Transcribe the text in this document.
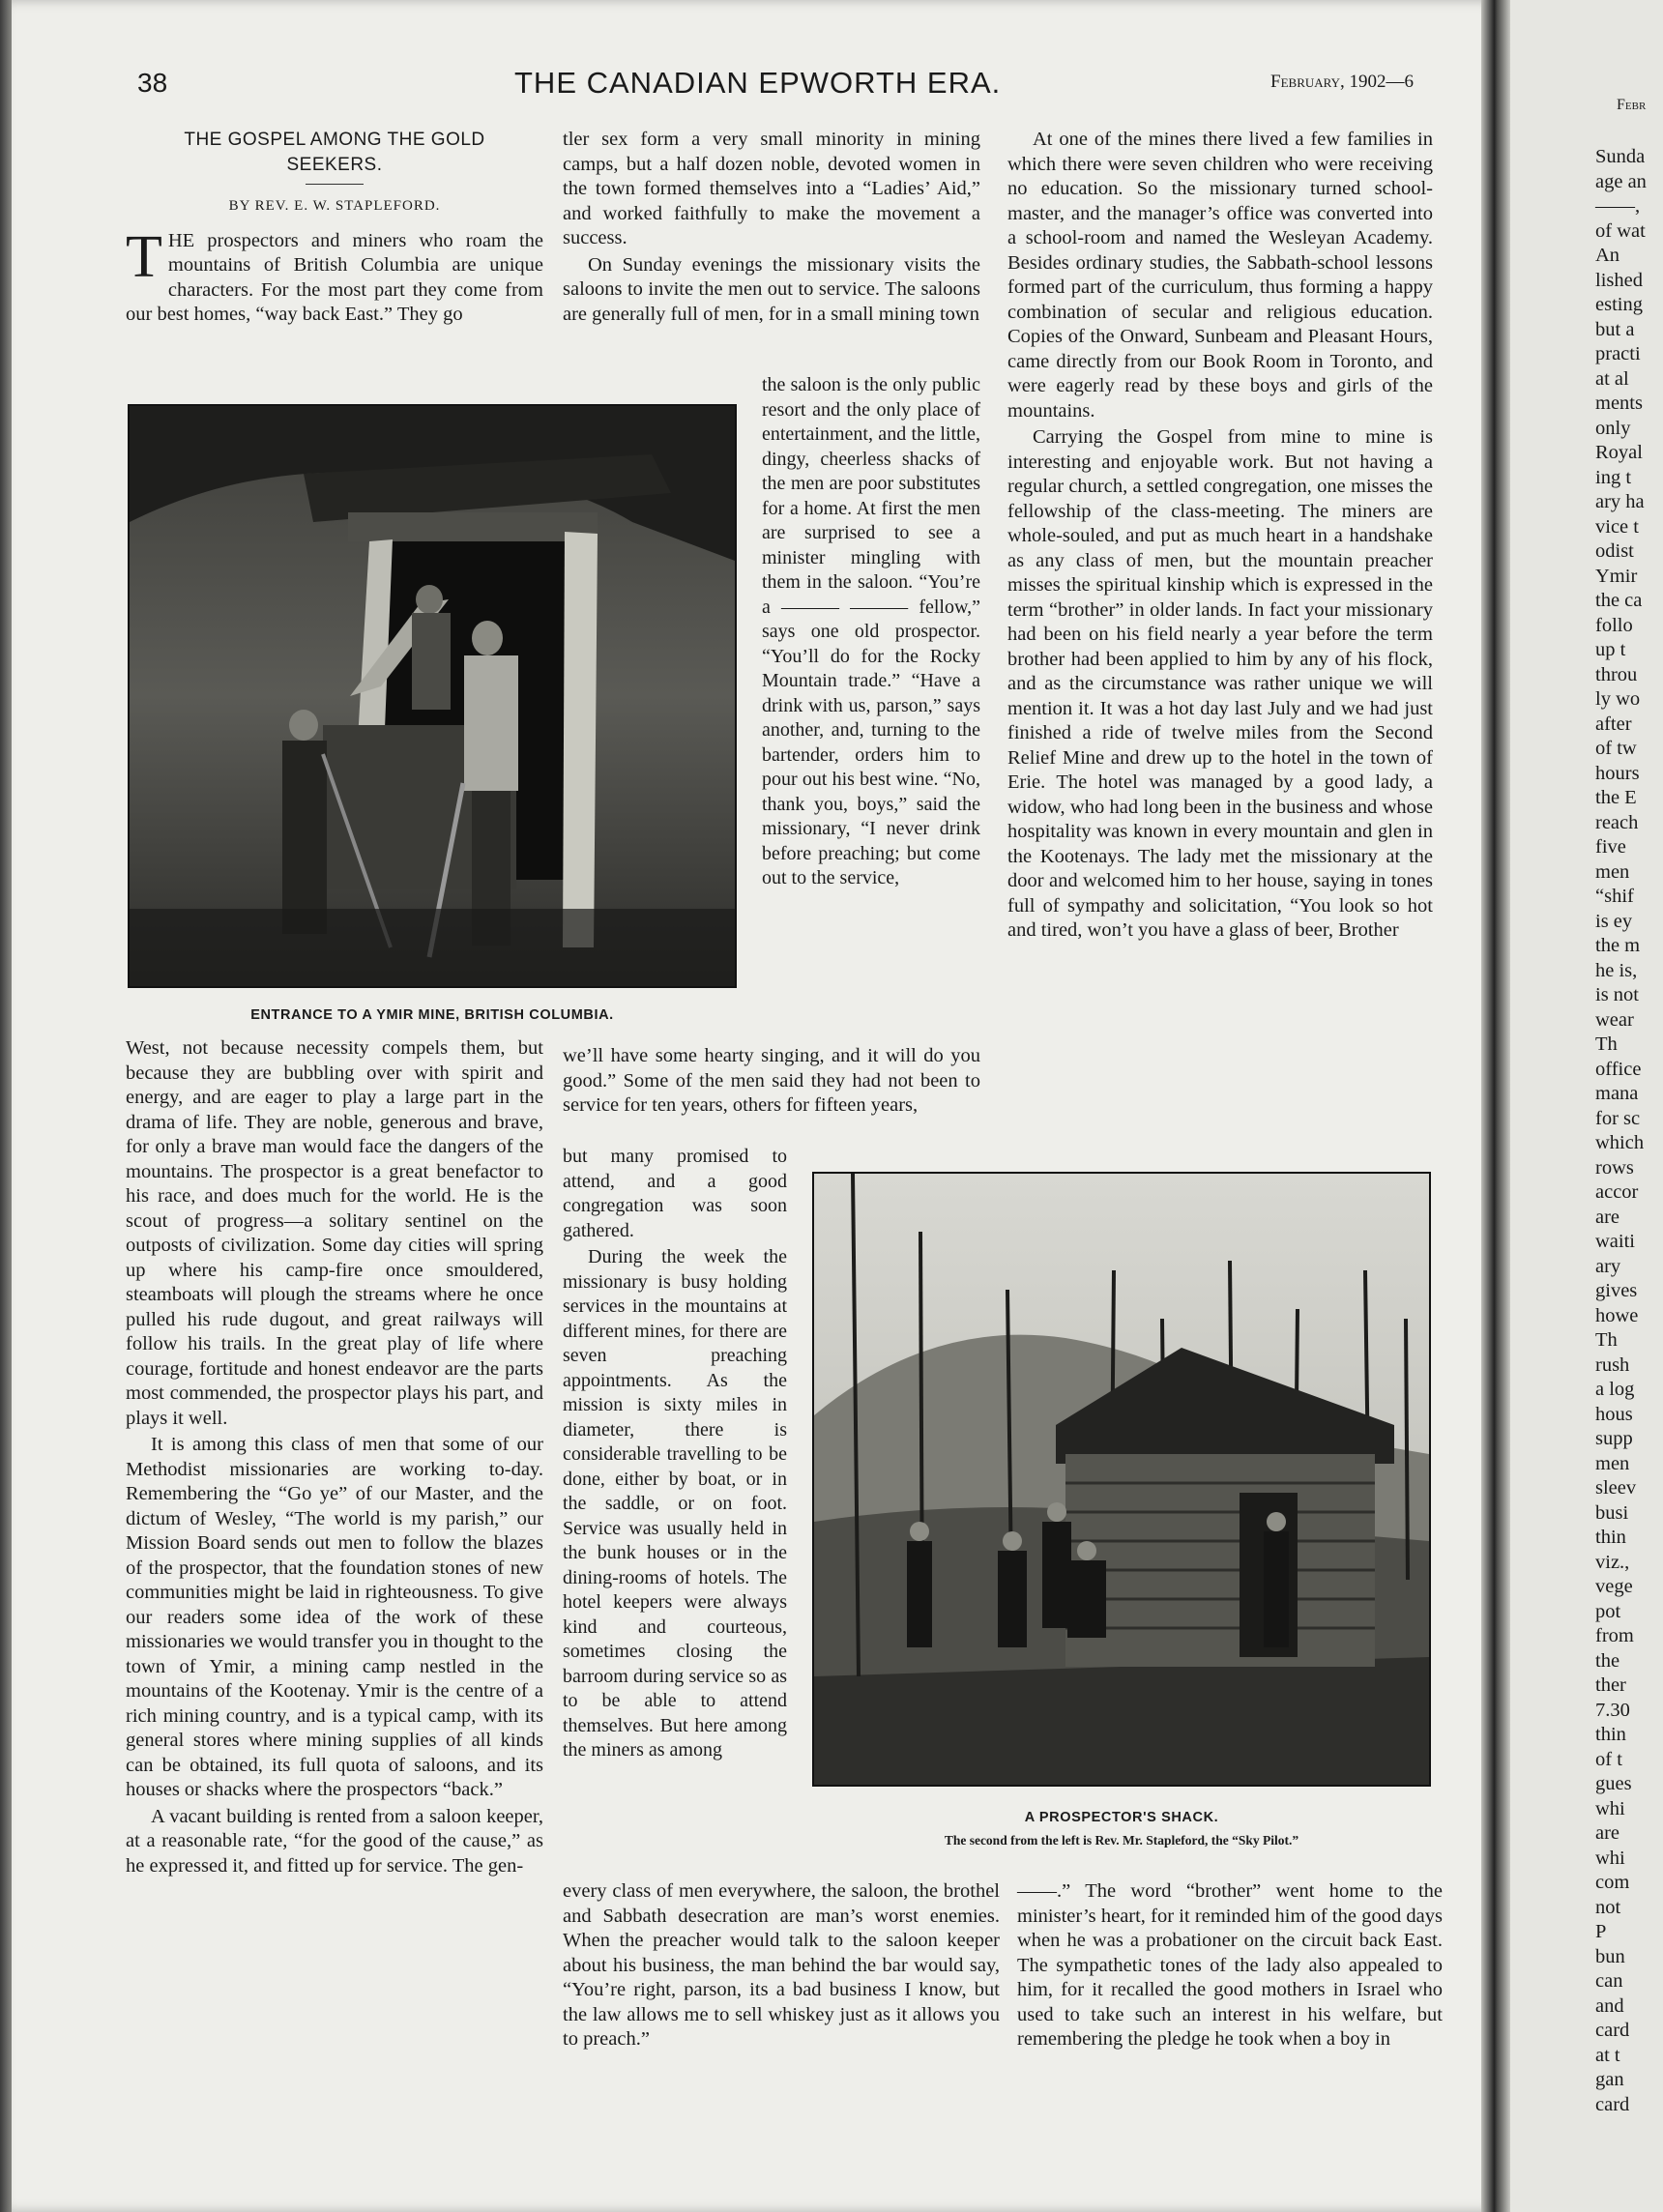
38	THE CANADIAN EPWORTH ERA.	February, 1902—6
THE GOSPEL AMONG THE GOLD
SEEKERS.
BY REV. E. W. STAPLEFORD.

THE prospectors and miners who roam the mountains of British Columbia are unique characters. For the most part they come from our best homes, “way back East.” They go

tler sex form a very small minority in mining camps, but a half dozen noble, devoted women in the town formed themselves into a “Ladies’ Aid,” and worked faithfully to make the movement a success.

On Sunday evenings the missionary visits the saloons to invite the men out to service. The saloons are generally full of men, for in a small mining town

the saloon is the only public resort and the only place of entertainment, and the little, dingy, cheerless shacks of the men are poor substitutes for a home. At first the men are surprised to see a minister mingling with them in the saloon. “You’re a ——— ——— fellow,” says one old prospector. “You’ll do for the Rocky Mountain trade.” “Have a drink with us, parson,” says another, and, turning to the bartender, orders him to pour out his best wine. “No, thank you, boys,” said the missionary, “I never drink before preaching; but come out to the service,

At one of the mines there lived a few families in which there were seven children who were receiving no education. So the missionary turned school-master, and the manager’s office was converted into a school-room and named the Wesleyan Academy. Besides ordinary studies, the Sabbath-school lessons formed part of the curriculum, thus forming a happy combination of secular and religious education. Copies of the Onward, Sunbeam and Pleasant Hours, came directly from our Book Room in Toronto, and were eagerly read by these boys and girls of the mountains.

Carrying the Gospel from mine to mine is interesting and enjoyable work. But not having a regular church, a settled congregation, one misses the fellowship of the class-meeting. The miners are whole-souled, and put as much heart in a handshake as any class of men, but the mountain preacher misses the spiritual kinship which is expressed in the term “brother” in older lands. In fact your missionary had been on his field nearly a year before the term brother had been applied to him by any of his flock, and as the circumstance was rather unique we will mention it. It was a hot day last July and we had just finished a ride of twelve miles from the Second Relief Mine and drew up to the hotel in the town of Erie. The hotel was managed by a good lady, a widow, who had long been in the business and whose hospitality was known in every mountain and glen in the Kootenays. The lady met the missionary at the door and welcomed him to her house, saying in tones full of sympathy and solicitation, “You look so hot and tired, won’t you have a glass of beer, Brother

ENTRANCE TO A YMIR MINE, BRITISH COLUMBIA.

West, not because necessity compels them, but because they are bubbling over with spirit and energy, and are eager to play a large part in the drama of life. They are noble, generous and brave, for only a brave man would face the dangers of the mountains. The prospector is a great benefactor to his race, and does much for the world. He is the scout of progress—a solitary sentinel on the outposts of civilization. Some day cities will spring up where his camp-fire once smouldered, steamboats will plough the streams where he once pulled his rude dugout, and great railways will follow his trails. In the great play of life where courage, fortitude and honest endeavor are the parts most commended, the prospector plays his part, and plays it well.

It is among this class of men that some of our Methodist missionaries are working to-day. Remembering the “Go ye” of our Master, and the dictum of Wesley, “The world is my parish,” our Mission Board sends out men to follow the blazes of the prospector, that the foundation stones of new communities might be laid in righteousness. To give our readers some idea of the work of these missionaries we would transfer you in thought to the town of Ymir, a mining camp nestled in the mountains of the Kootenay. Ymir is the centre of a rich mining country, and is a typical camp, with its general stores where mining supplies of all kinds can be obtained, its full quota of saloons, and its houses or shacks where the prospectors “back.”

A vacant building is rented from a saloon keeper, at a reasonable rate, “for the good of the cause,” as he expressed it, and fitted up for service. The gen-

we’ll have some hearty singing, and it will do you good.” Some of the men said they had not been to service for ten years, others for fifteen years,

but many promised to attend, and a good congregation was soon gathered.

During the week the missionary is busy holding services in the mountains at different mines, for there are seven preaching appointments. As the mission is sixty miles in diameter, there is considerable travelling to be done, either by boat, or in the saddle, or on foot. Service was usually held in the bunk houses or in the dining-rooms of hotels. The hotel keepers were always kind and courteous, sometimes closing the barroom during service so as to be able to attend themselves. But here among the miners as among

A PROSPECTOR'S SHACK.
The second from the left is Rev. Mr. Stapleford, the “Sky Pilot.”

every class of men everywhere, the saloon, the brothel and Sabbath desecration are man’s worst enemies. When the preacher would talk to the saloon keeper about his business, the man behind the bar would say, “You’re right, parson, its a bad business I know, but the law allows me to sell whiskey just as it allows you to preach.”

——.” The word “brother” went home to the minister’s heart, for it reminded him of the good days when he was a probationer on the circuit back East. The sympathetic tones of the lady also appealed to him, for it recalled the good mothers in Israel who used to take such an interest in his welfare, but remembering the pledge he took when a boy in

Febr
Sunda
age an
——,
of wat
An
lished
esting
but a
practi
at al
ments
only
Royal
ing t
ary ha
vice t
odist
Ymir
the ca
follo
up t
throu
ly wo
after
of tw
hours
the E
reach
five
men
“shif
is ey
the m
he is,
is not
wear
Th
office
mana
for sc
which
rows
accor
are
waiti
ary
gives
howe
Th
rush
a log
hous
supp
men
sleev
busi
thin
viz.,
vege
pot
from
the
ther
7.30
thin
of t
gues
whi
are
whi
com
not
P
bun
can
and
card
at t
gan
card
